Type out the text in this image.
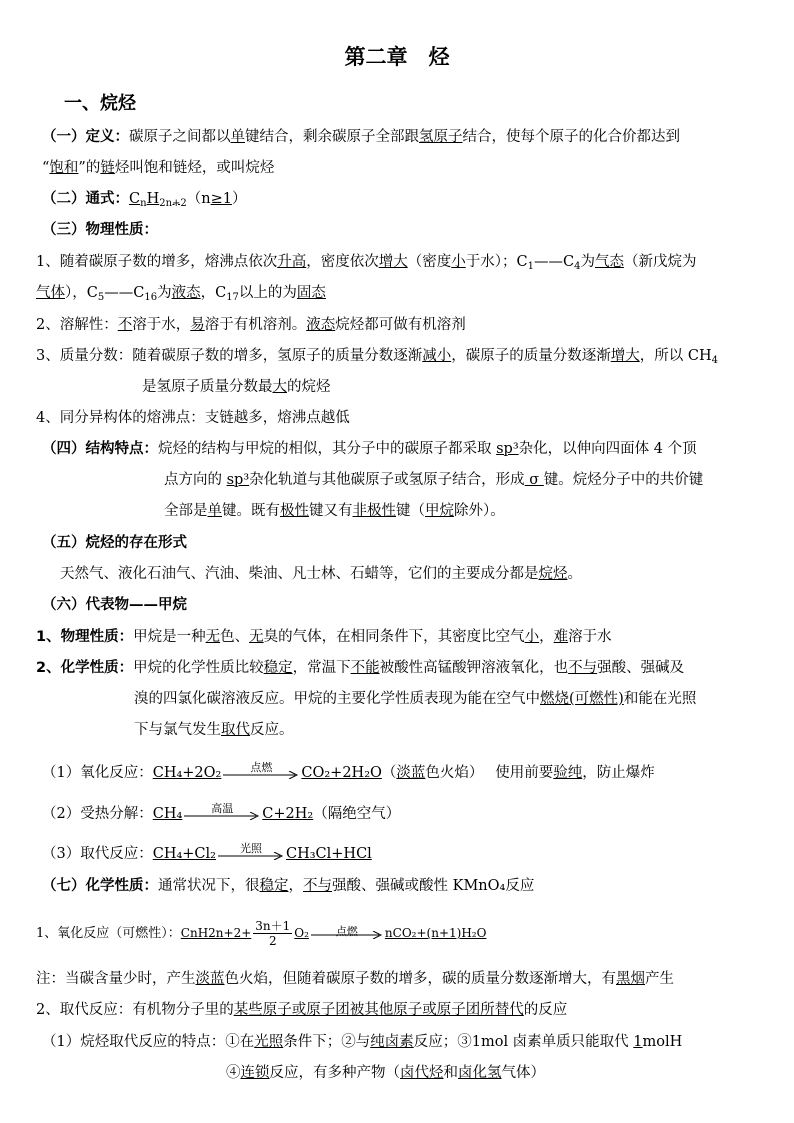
第二章　烃
一、烷烃
（一）定义：碳原子之间都以单键结合，剩余碳原子全部跟氢原子结合，使每个原子的化合价都达到
“饱和”的链烃叫饱和链烃，或叫烷烃
（二）通式：$C_nH_{2n+2}(n\ge 1)$
（三）物理性质：
1、随着碳原子数的增多，熔沸点依次升高，密度依次增大（密度小于水）；$C_1——C_4$为气态（新戊烷为
气体），$C_5——C_{16}$为液态，$C_{17}$以上的为固态
2、溶解性：不溶于水，易溶于有机溶剂。液态烷烃都可做有机溶剂
3、质量分数：随着碳原子数的增多，氢原子的质量分数逐渐减小，碳原子的质量分数逐渐增大，所以 $CH_4$
是氢原子质量分数最大的烷烃
4、同分异构体的熔沸点：支链越多，熔沸点越低
（四）结构特点：烷烃的结构与甲烷的相似，其分子中的碳原子都采取 sp³杂化，以伸向四面体 4 个顶
点方向的 sp³杂化轨道与其他碳原子或氢原子结合，形成 σ 键。烷烃分子中的共价键
全部是单键。既有极性键又有非极性键（甲烷除外）。
（五）烷烃的存在形式
天然气、液化石油气、汽油、柴油、凡士林、石蜡等，它们的主要成分都是烷烃。
（六）代表物——甲烷
1、物理性质：甲烷是一种无色、无臭的气体，在相同条件下，其密度比空气小，难溶于水
2、化学性质：甲烷的化学性质比较稳定，常温下不能被酸性高锰酸钾溶液氧化，也不与强酸、强碱及
溴的四氯化碳溶液反应。甲烷的主要化学性质表现为能在空气中燃烧(可燃性)和能在光照
下与氯气发生取代反应。
（1）氧化反应：CH₄+2O₂	点燃	CO₂+2H₂O（淡蓝色火焰）　 使用前要验纯，防止爆炸
（2）受热分解：CH₄	高温	C+2H₂（隔绝空气）
（3）取代反应：CH₄+Cl₂	光照	CH₃Cl+HCl
（七）化学性质：通常状况下，很稳定，不与强酸、强碱或酸性 KMnO₄反应
1、氧化反应（可燃性）：$CnH2n+2+ \frac{3n+1}{2} O_2$	点燃	nCO₂+(n+1)H₂O
注：当碳含量少时，产生淡蓝色火焰，但随着碳原子数的增多，碳的质量分数逐渐增大，有黑烟产生
2、取代反应：有机物分子里的某些原子或原子团被其他原子或原子团所替代的反应
（1）烷烃取代反应的特点：①在光照条件下；②与纯卤素反应；③1mol 卤素单质只能取代 1molH
④连锁反应，有多种产物（卤代烃和卤化氢气体）
